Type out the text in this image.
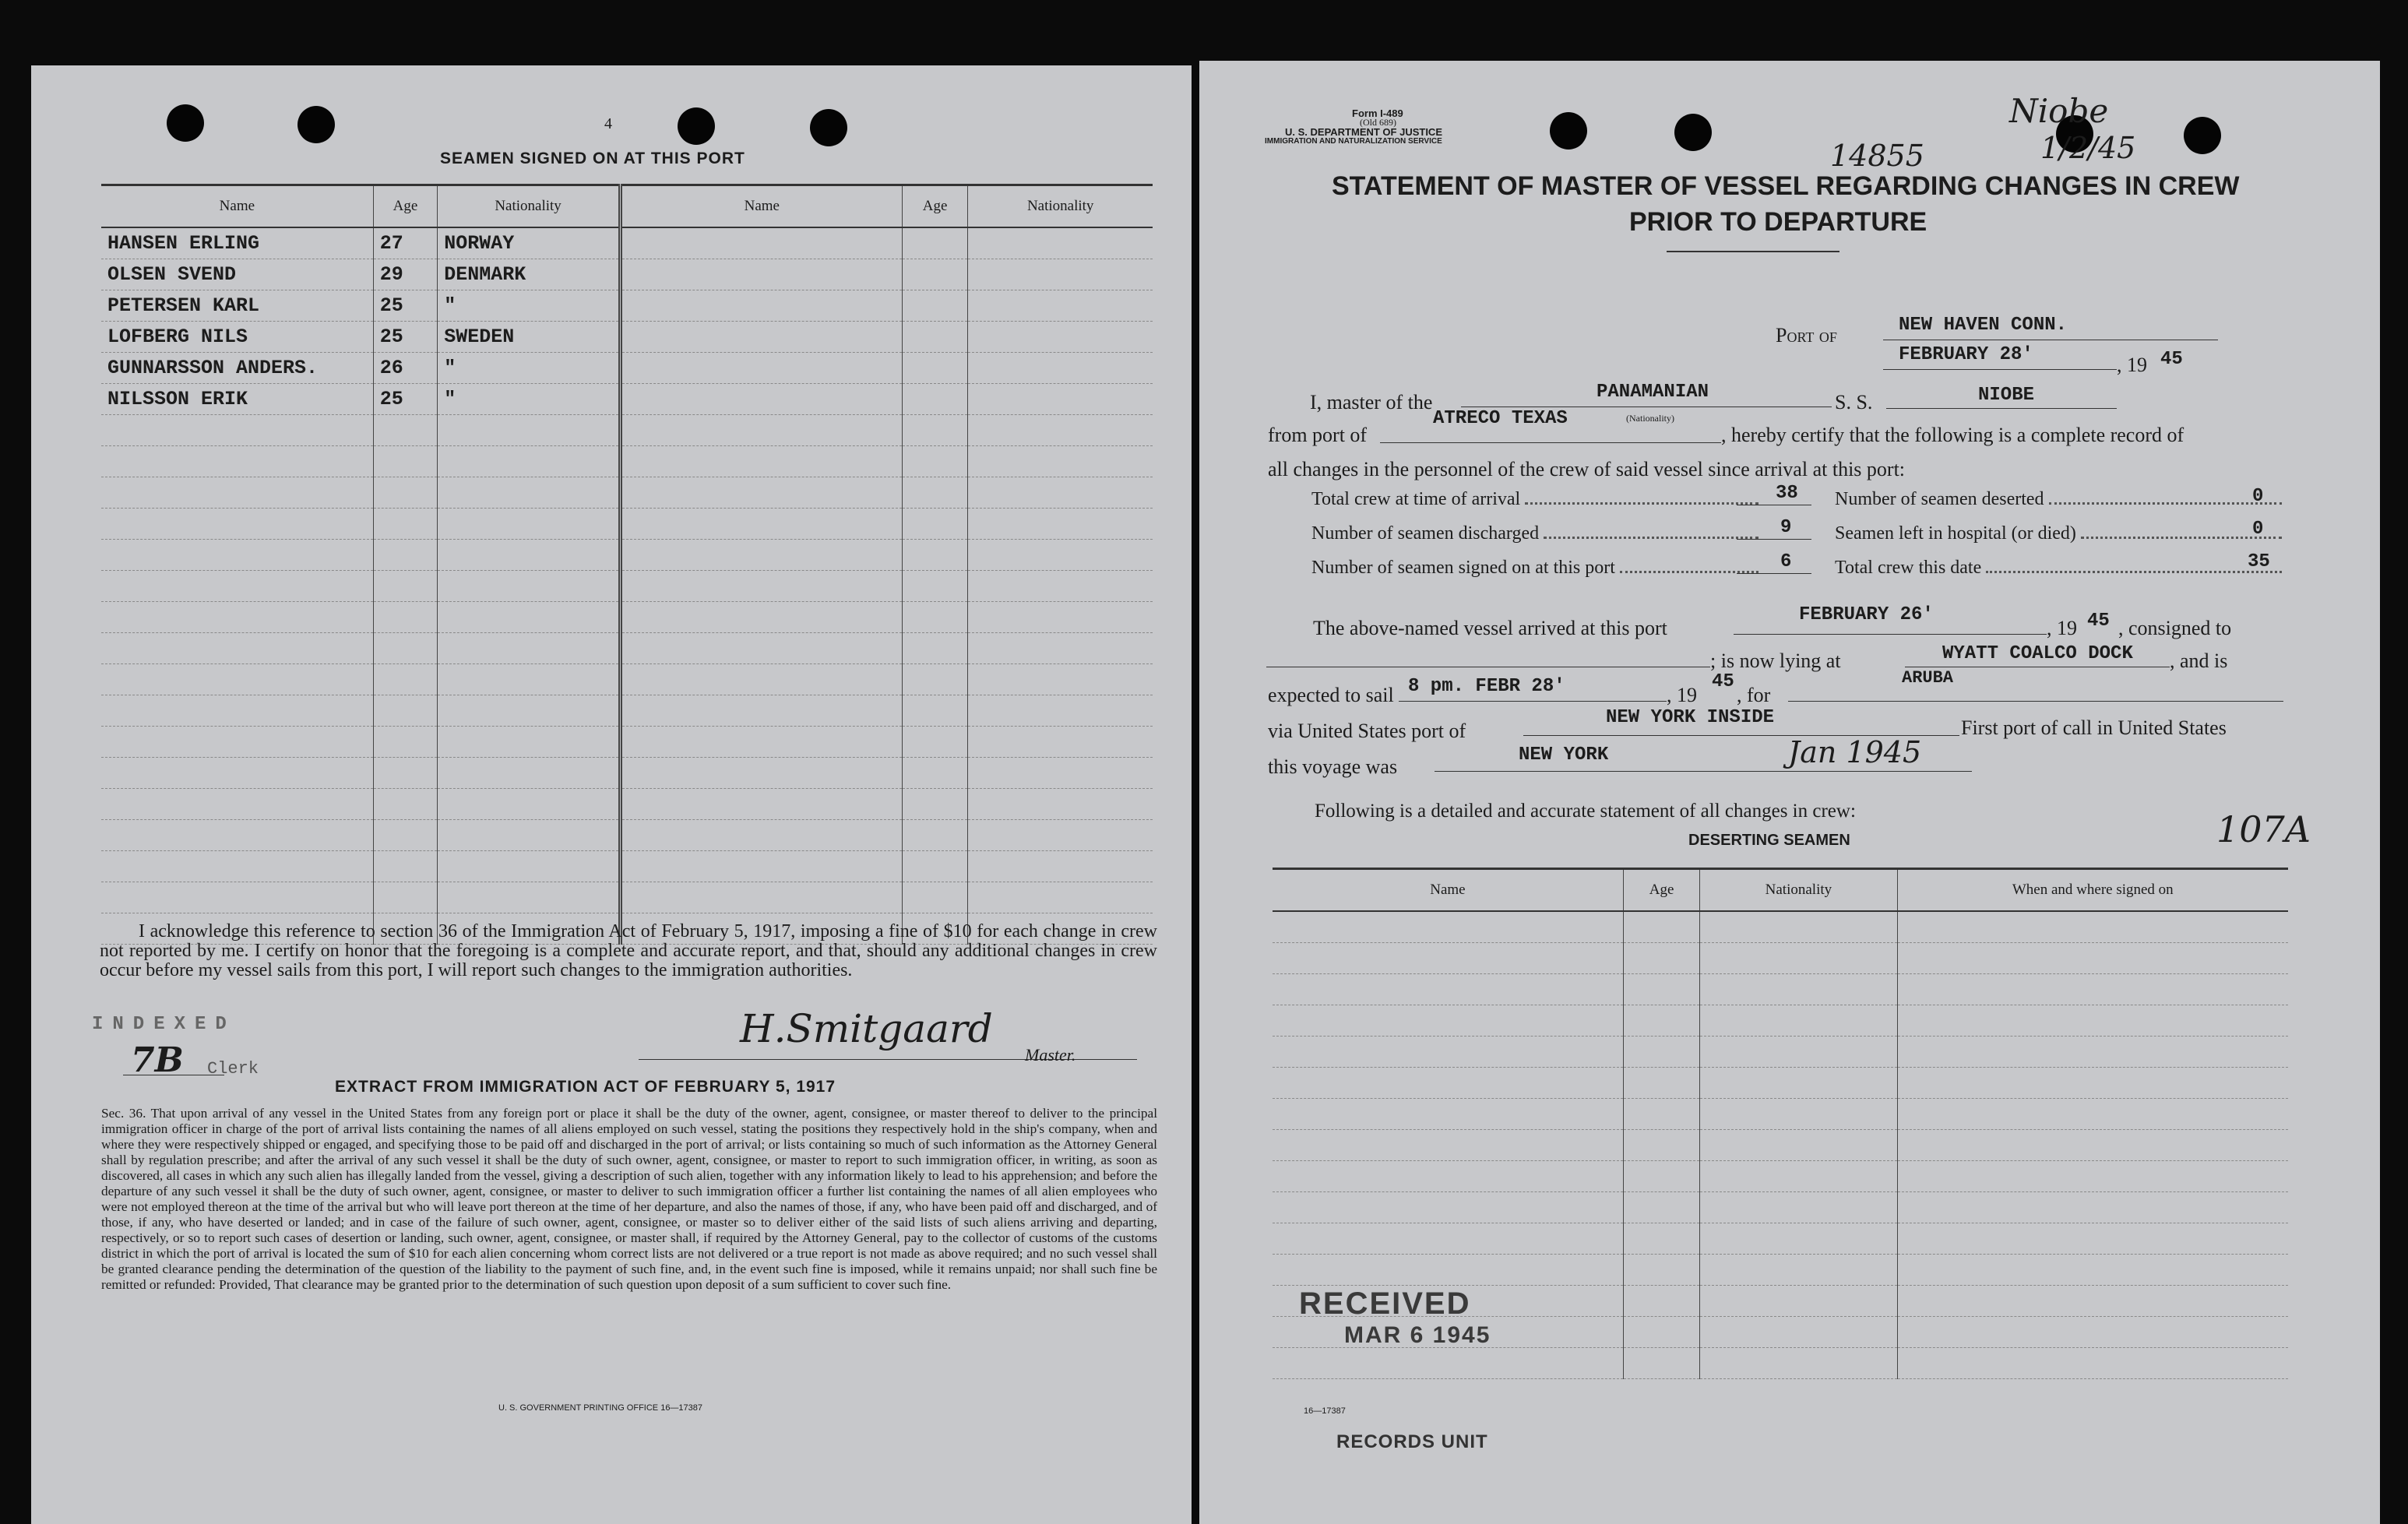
4
SEAMEN SIGNED ON AT THIS PORT
Name	Age	Nationality	Name	Age	Nationality
HANSEN ERLING	27	NORWAY			
OLSEN SVEND	29	DENMARK			
PETERSEN KARL	25	"			
LOFBERG NILS	25	SWEDEN			
GUNNARSSON ANDERS.	26	"			
NILSSON ERIK	25	"			

I acknowledge this reference to section 36 of the Immigration Act of February 5, 1917, imposing a fine of $10 for each change in crew not reported by me. I certify on honor that the foregoing is a complete and accurate report, and that, should any additional changes in crew occur before my vessel sails from this port, I will report such changes to the immigration authorities.
INDEXED
7B Clerk
H.Smitgaard
Master.
EXTRACT FROM IMMIGRATION ACT OF FEBRUARY 5, 1917
Sec. 36. That upon arrival of any vessel in the United States from any foreign port or place it shall be the duty of the owner, agent, consignee, or master thereof to deliver to the principal immigration officer in charge of the port of arrival lists containing the names of all aliens employed on such vessel, stating the positions they respectively hold in the ship's company, when and where they were respectively shipped or engaged, and specifying those to be paid off and discharged in the port of arrival; or lists containing so much of such information as the Attorney General shall by regulation prescribe; and after the arrival of any such vessel it shall be the duty of such owner, agent, consignee, or master to report to such immigration officer, in writing, as soon as discovered, all cases in which any such alien has illegally landed from the vessel, giving a description of such alien, together with any information likely to lead to his apprehension; and before the departure of any such vessel it shall be the duty of such owner, agent, consignee, or master to deliver to such immigration officer a further list containing the names of all alien employees who were not employed thereon at the time of the arrival but who will leave port thereon at the time of her departure, and also the names of those, if any, who have been paid off and discharged, and of those, if any, who have deserted or landed; and in case of the failure of such owner, agent, consignee, or master so to deliver either of the said lists of such aliens arriving and departing, respectively, or so to report such cases of desertion or landing, such owner, agent, consignee, or master shall, if required by the Attorney General, pay to the collector of customs of the customs district in which the port of arrival is located the sum of $10 for each alien concerning whom correct lists are not delivered or a true report is not made as above required; and no such vessel shall be granted clearance pending the determination of the question of the liability to the payment of such fine, and, in the event such fine is imposed, while it remains unpaid; nor shall such fine be remitted or refunded: Provided, That clearance may be granted prior to the determination of such question upon deposit of a sum sufficient to cover such fine.
U. S. GOVERNMENT PRINTING OFFICE 16—17387
Form I-489
(Old 689)
U. S. DEPARTMENT OF JUSTICE
IMMIGRATION AND NATURALIZATION SERVICE	14855
Niobe
1/2/45
STATEMENT OF MASTER OF VESSEL REGARDING CHANGES IN CREW
PRIOR TO DEPARTURE
Port of	NEW HAVEN CONN.
FEBRUARY 28'	, 19 45
I, master of the	PANAMANIAN	S. S.	NIOBE
from port of
ATRECO TEXAS	(Nationality)
, hereby certify that the following is a complete record of
all changes in the personnel of the crew of said vessel since arrival at this port:
Total crew at time of arrival	38
Number of seamen discharged	9
Number of seamen signed on at this port	6
Number of seamen deserted	0
Seamen left in hospital (or died)	0
Total crew this date	35
The above-named vessel arrived at this port
FEBRUARY 26'
, 19 45 , consigned to
; is now lying at	WYATT COALCO DOCK , and is
expected to sail 8 pm. FEBR 28'	, 19
45
, for
ARUBA
via United States port of
NEW YORK INSIDE	First port of call in United States
this voyage was
NEW YORK	Jan 1945
Following is a detailed and accurate statement of all changes in crew:
DESERTING SEAMEN	107A
Name	Age	Nationality	When and where signed on

RECEIVED
MAR 6 1945
16—17387
RECORDS UNIT
